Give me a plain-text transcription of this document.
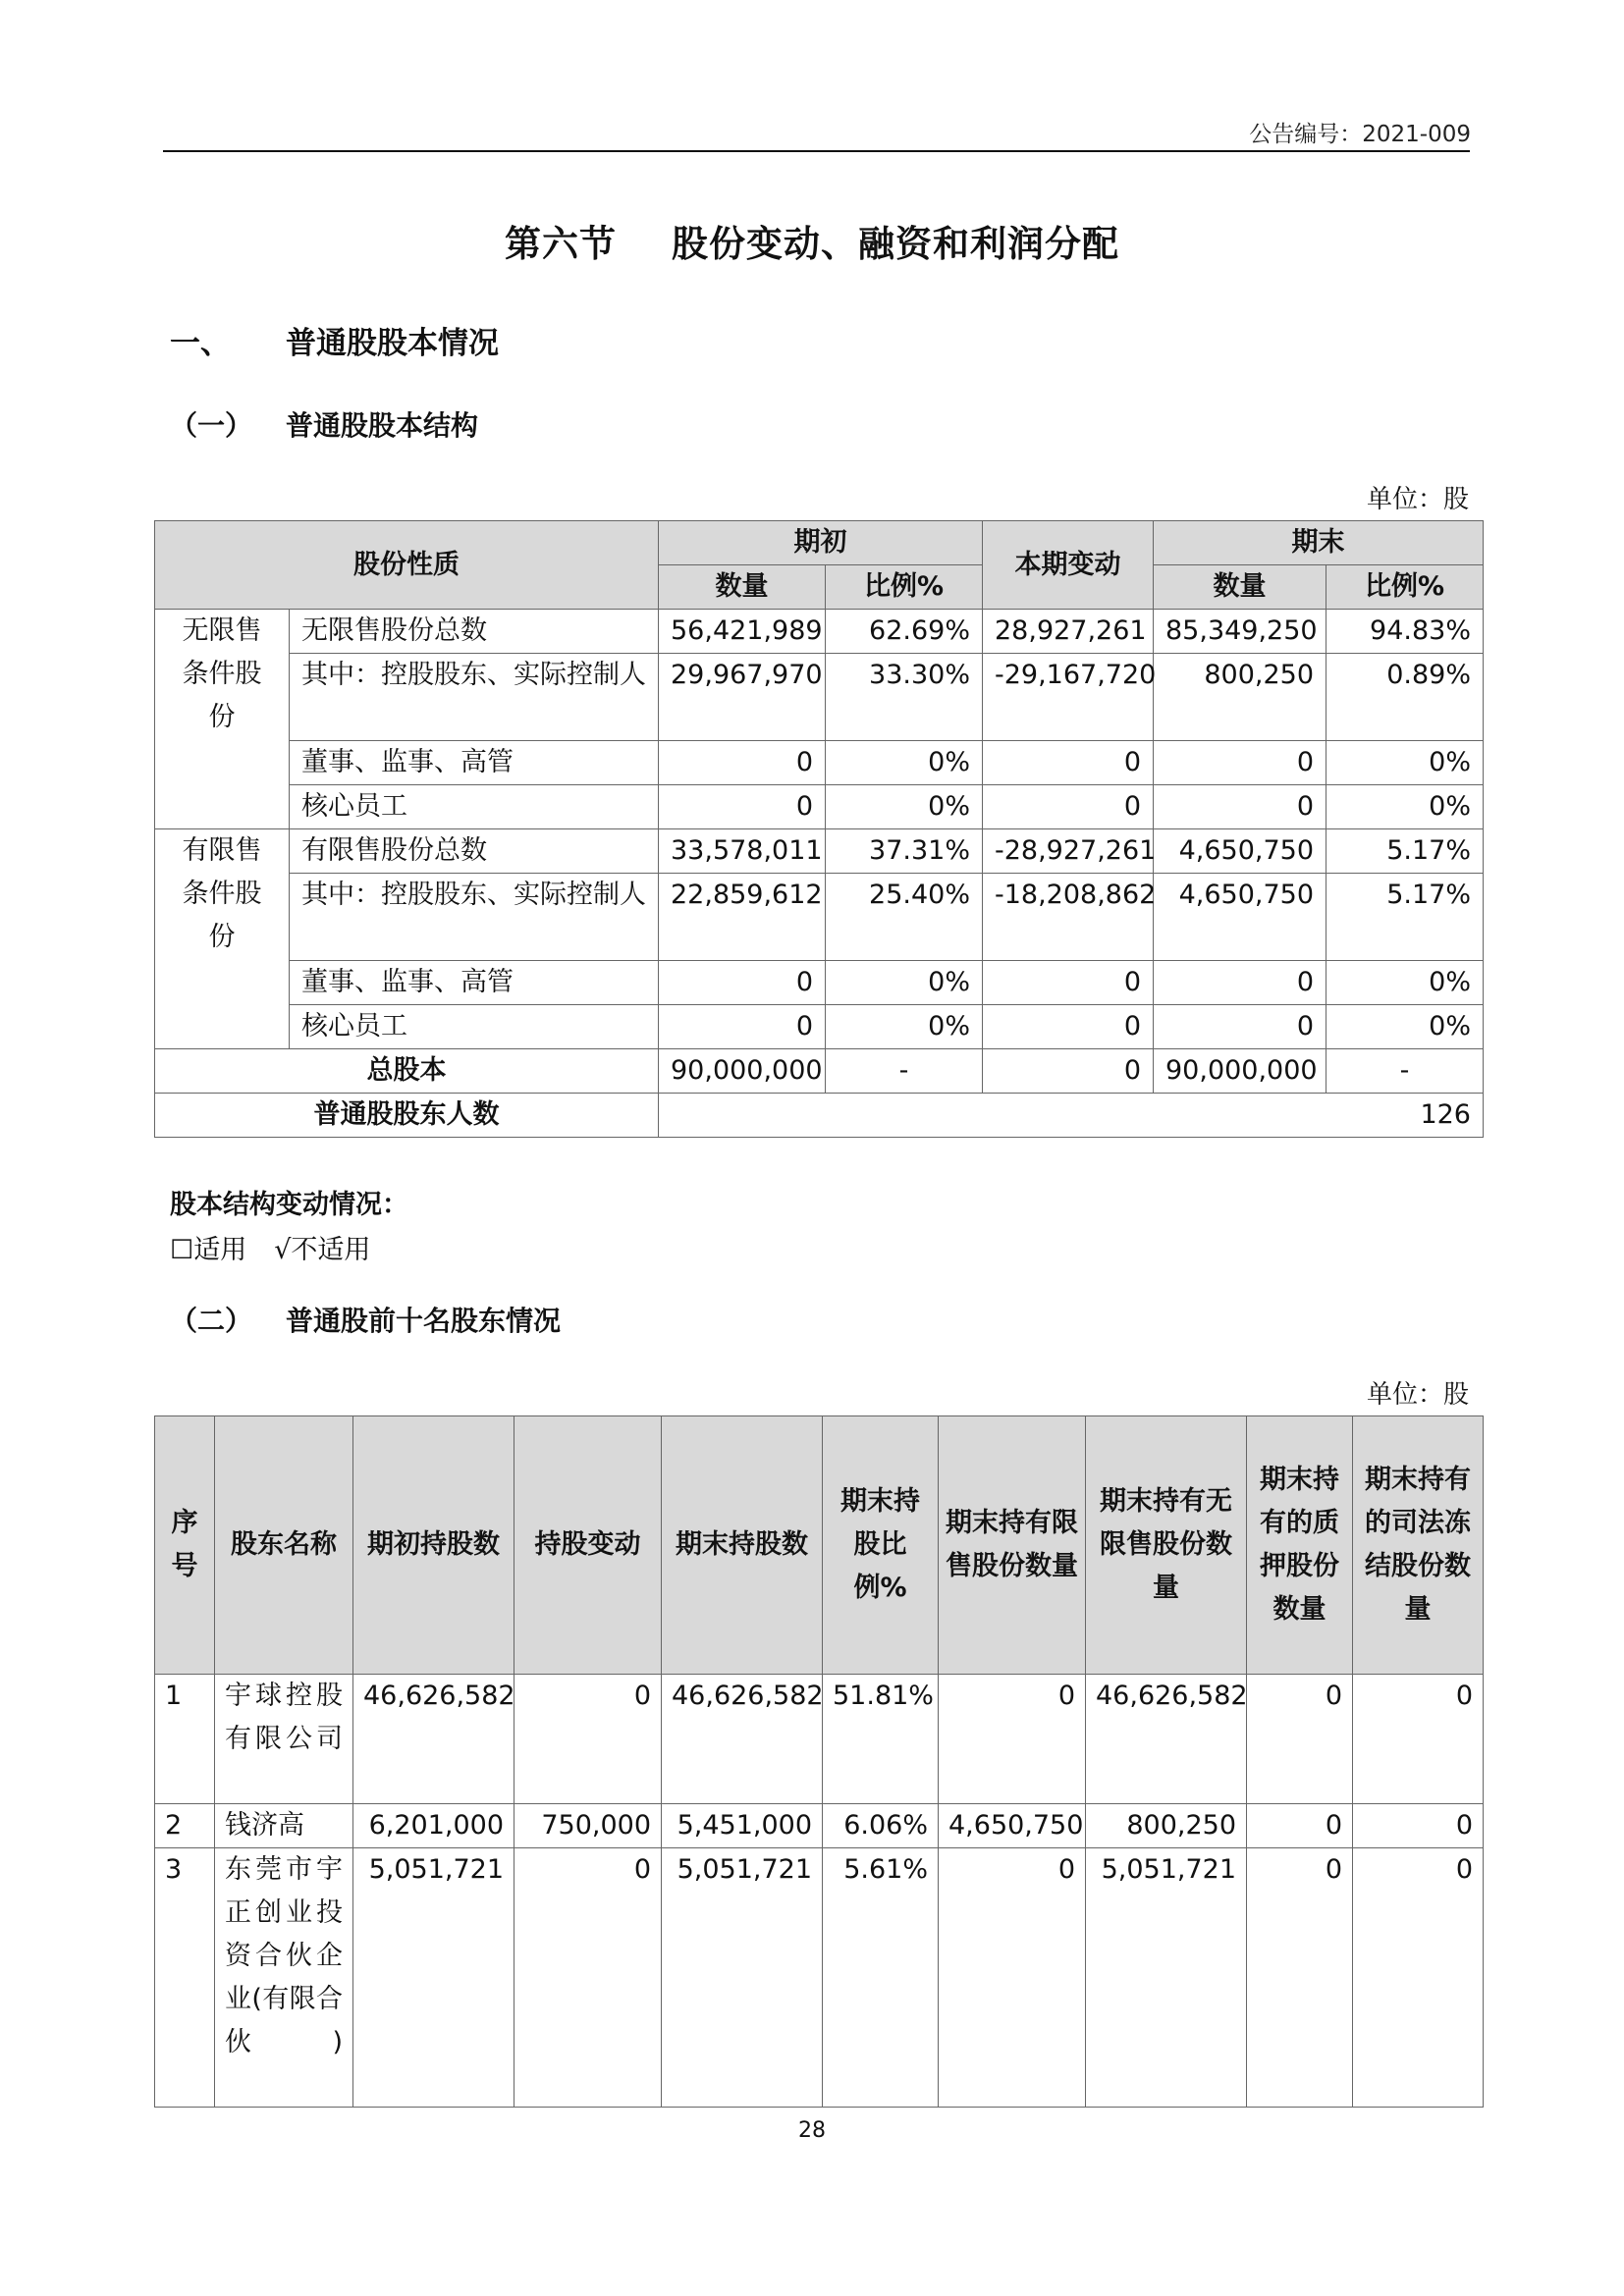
公告编号：2021-009
第六节 股份变动、融资和利润分配
一、 普通股股本情况
（一） 普通股股本结构
单位：股
股份性质		期初		本期变动	期末	
		数量	比例%		数量	比例%
无限售条件股份	无限售股份总数	56,421,989	62.69%	28,927,261	85,349,250	94.83%
	其中：控股股东、实际控制人	29,967,970	33.30%	-29,167,720	800,250	0.89%
	董事、监事、高管	0	0%	0	0	0%
	核心员工	0	0%	0	0	0%
有限售条件股份	有限售股份总数	33,578,011	37.31%	-28,927,261	4,650,750	5.17%
	其中：控股股东、实际控制人	22,859,612	25.40%	-18,208,862	4,650,750	5.17%
	董事、监事、高管	0	0%	0	0	0%
	核心员工	0	0%	0	0	0%
总股本		90,000,000	-	0	90,000,000	-
普通股股东人数		126				
股本结构变动情况：
☐适用 √不适用
（二） 普通股前十名股东情况
单位：股
序号	股东名称	期初持股数	持股变动	期末持股数	期末持股比例%	期末持有限售股份数量	期末持有无限售股份数量	期末持有的质押股份数量	期末持有的司法冻结股份数量
1	宇球控股有限公司	46,626,582	0	46,626,582	51.81%	0	46,626,582	0	0
2	钱济高	6,201,000	750,000	5,451,000	6.06%	4,650,750	800,250	0	0
3	东莞市宇正创业投资合伙企业(有限合伙)	5,051,721	0	5,051,721	5.61%	0	5,051,721	0	0
28
